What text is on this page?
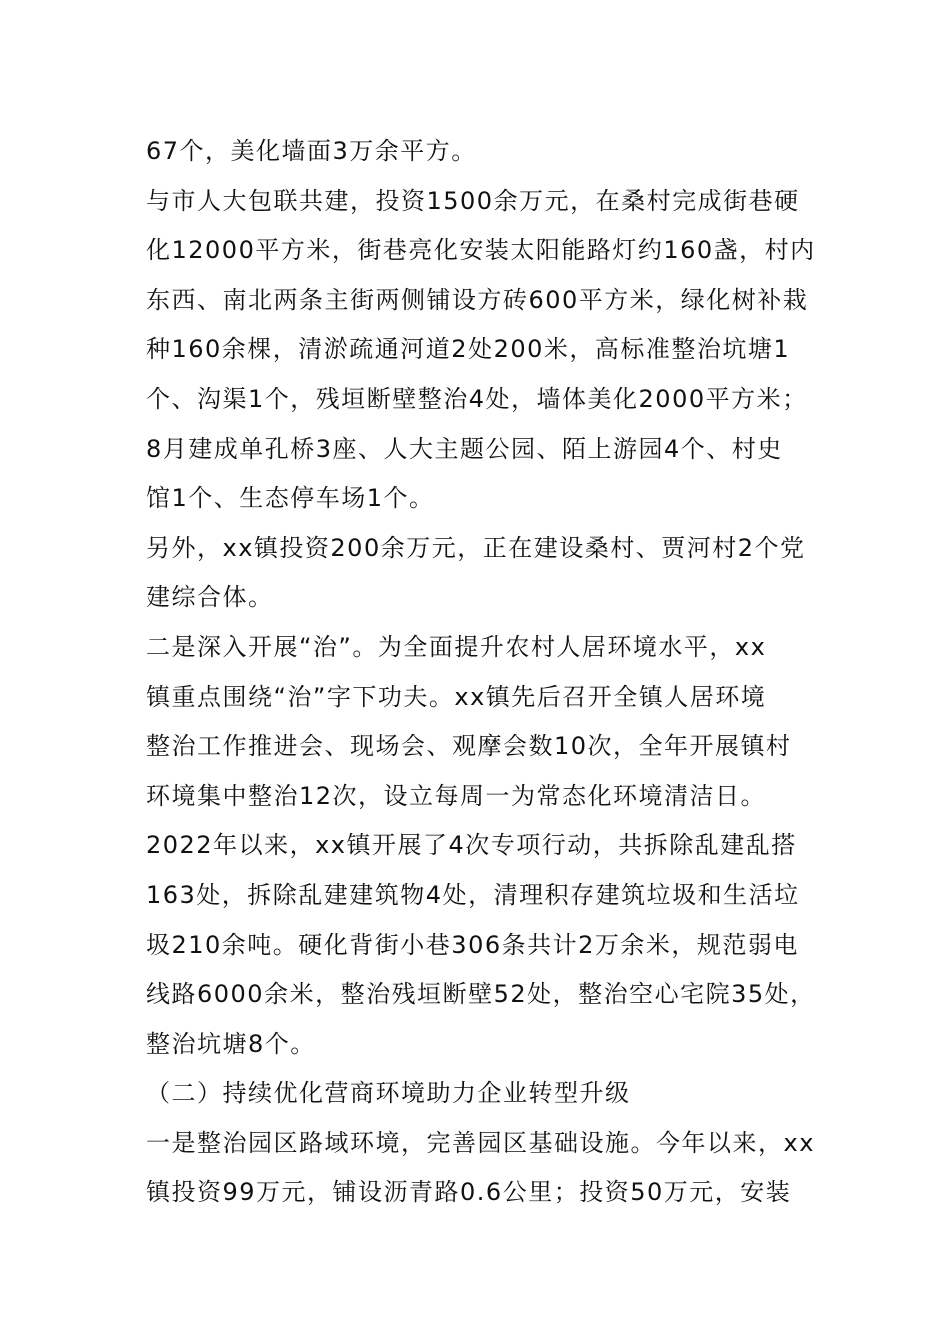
67个，美化墙面3万余平方。
与市人大包联共建，投资1500余万元，在桑村完成街巷硬
化12000平方米，街巷亮化安装太阳能路灯约160盏，村内
东西、南北两条主街两侧铺设方砖600平方米，绿化树补栽
种160余棵，清淤疏通河道2处200米，高标准整治坑塘1
个、沟渠1个，残垣断壁整治4处，墙体美化2000平方米；
8月建成单孔桥3座、人大主题公园、陌上游园4个、村史
馆1个、生态停车场1个。
另外，xx镇投资200余万元，正在建设桑村、贾河村2个党
建综合体。
二是深入开展“治”。为全面提升农村人居环境水平，xx
镇重点围绕“治”字下功夫。xx镇先后召开全镇人居环境
整治工作推进会、现场会、观摩会数10次，全年开展镇村
环境集中整治12次，设立每周一为常态化环境清洁日。
2022年以来，xx镇开展了4次专项行动，共拆除乱建乱搭
163处，拆除乱建建筑物4处，清理积存建筑垃圾和生活垃
圾210余吨。硬化背街小巷306条共计2万余米，规范弱电
线路6000余米，整治残垣断壁52处，整治空心宅院35处，
整治坑塘8个。
（二）持续优化营商环境助力企业转型升级
一是整治园区路域环境，完善园区基础设施。今年以来，xx
镇投资99万元，铺设沥青路0.6公里；投资50万元，安装
